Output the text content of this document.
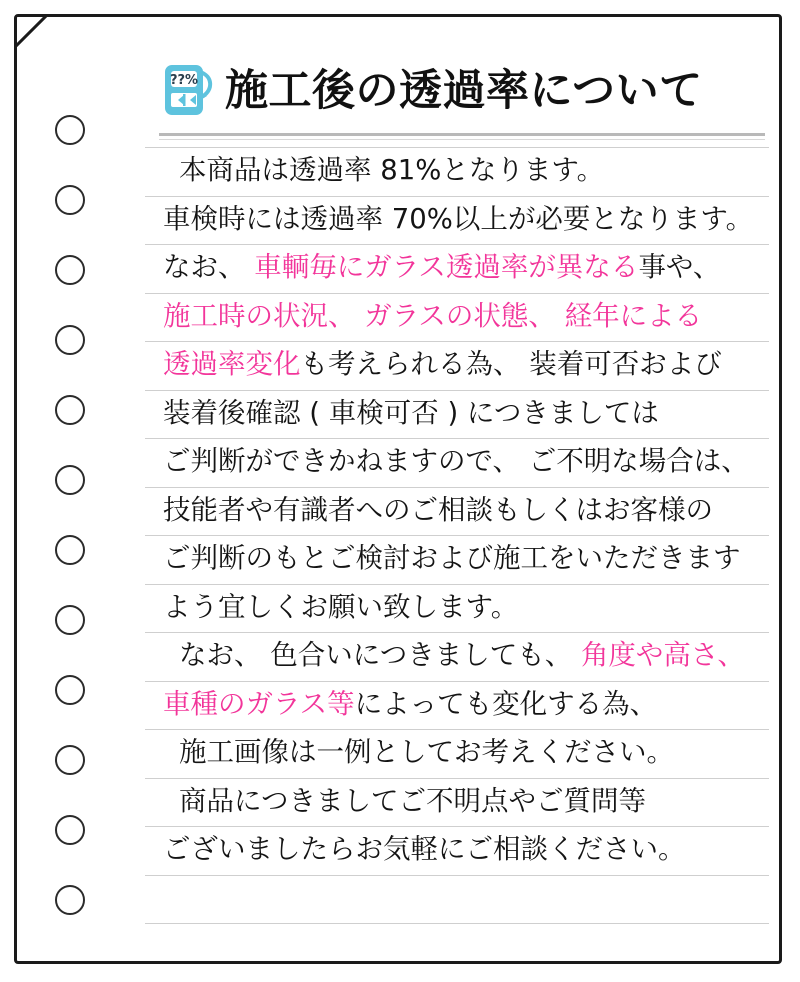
??% 施工後の透過率について
本商品は透過率 81%となります。
車検時には透過率 70%以上が必要となります。
なお、 車輌毎にガラス透過率が異なる事や、
施工時の状況、 ガラスの状態、 経年による
透過率変化も考えられる為、 装着可否および
装着後確認 ( 車検可否 ) につきましては
ご判断ができかねますので、 ご不明な場合は、
技能者や有識者へのご相談もしくはお客様の
ご判断のもとご検討および施工をいただきます
よう宜しくお願い致します。
なお、 色合いにつきましても、 角度や高さ、
車種のガラス等によっても変化する為、
施工画像は一例としてお考えください。
商品につきましてご不明点やご質問等
ございましたらお気軽にご相談ください。
